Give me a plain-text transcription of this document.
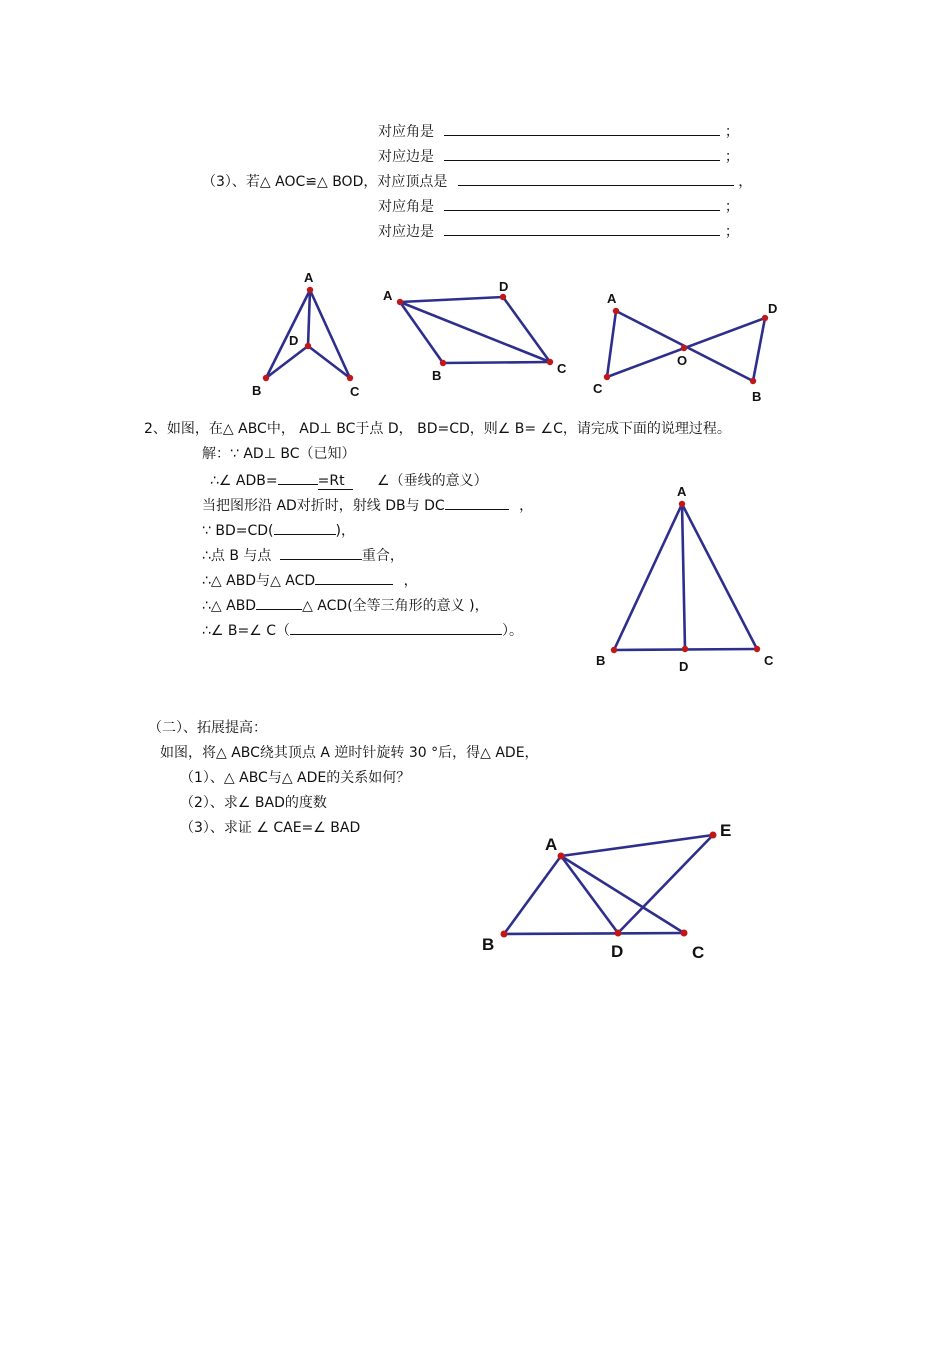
对应角是	；
对应边是	；
（3）、若△ AOC≌△ BOD，对应顶点是	，
对应角是	；
对应边是	；
A
B	C
D
A
D
C
B
A
C
D
B
O
A
B	C
D
A
B	C
D
E
2、如图，在△ ABC中， AD⊥ BC于点 D， BD=CD，则∠ B= ∠C，请完成下面的说理过程。
解：∵ AD⊥ BC（已知）
∴∠ ADB=	=Rt ∠（垂线的意义）
当把图形沿 AD对折时，射线 DB与 DC	，
∵ BD=CD(	)，
∴点 B 与点	重合，
∴△ ABD与△ ACD	，
∴△ ABD	△ ACD(全等三角形的意义 )，
∴∠ B=∠ C（	）。
（二）、拓展提高：
如图，将△ ABC绕其顶点 A 逆时针旋转 30 °后，得△ ADE，
（1）、△ ABC与△ ADE的关系如何？
（2）、求∠ BAD的度数
（3）、求证 ∠ CAE=∠ BAD
